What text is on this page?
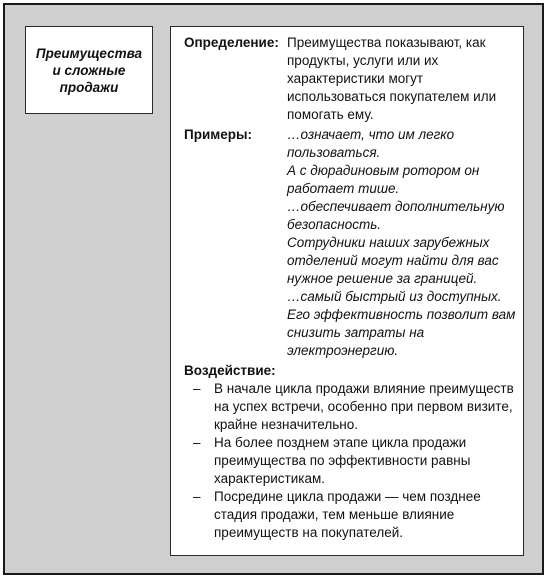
Преимущества
и сложные
продажи
Определение: Преимущества показывают, как продукты, услуги или их характеристики могут использоваться покупателем или помогать ему.
Примеры:	…означает, что им легко пользоваться.
А с дюрадиновым ротором он работает тише.
…обеспечивает дополнительную безопасность.
Сотрудники наших зарубежных отделений могут найти для вас нужное решение за границей.
…самый быстрый из доступных.
Его эффективность позволит вам снизить затраты на электроэнергию.
Воздействие:
– В начале цикла продажи влияние преимуществ на успех встречи, особенно при первом визите, крайне незначительно.
– На более позднем этапе цикла продажи преимущества по эффективности равны характеристикам.
– Посредине цикла продажи — чем позднее стадия продажи, тем меньше влияние преимуществ на покупателей.
